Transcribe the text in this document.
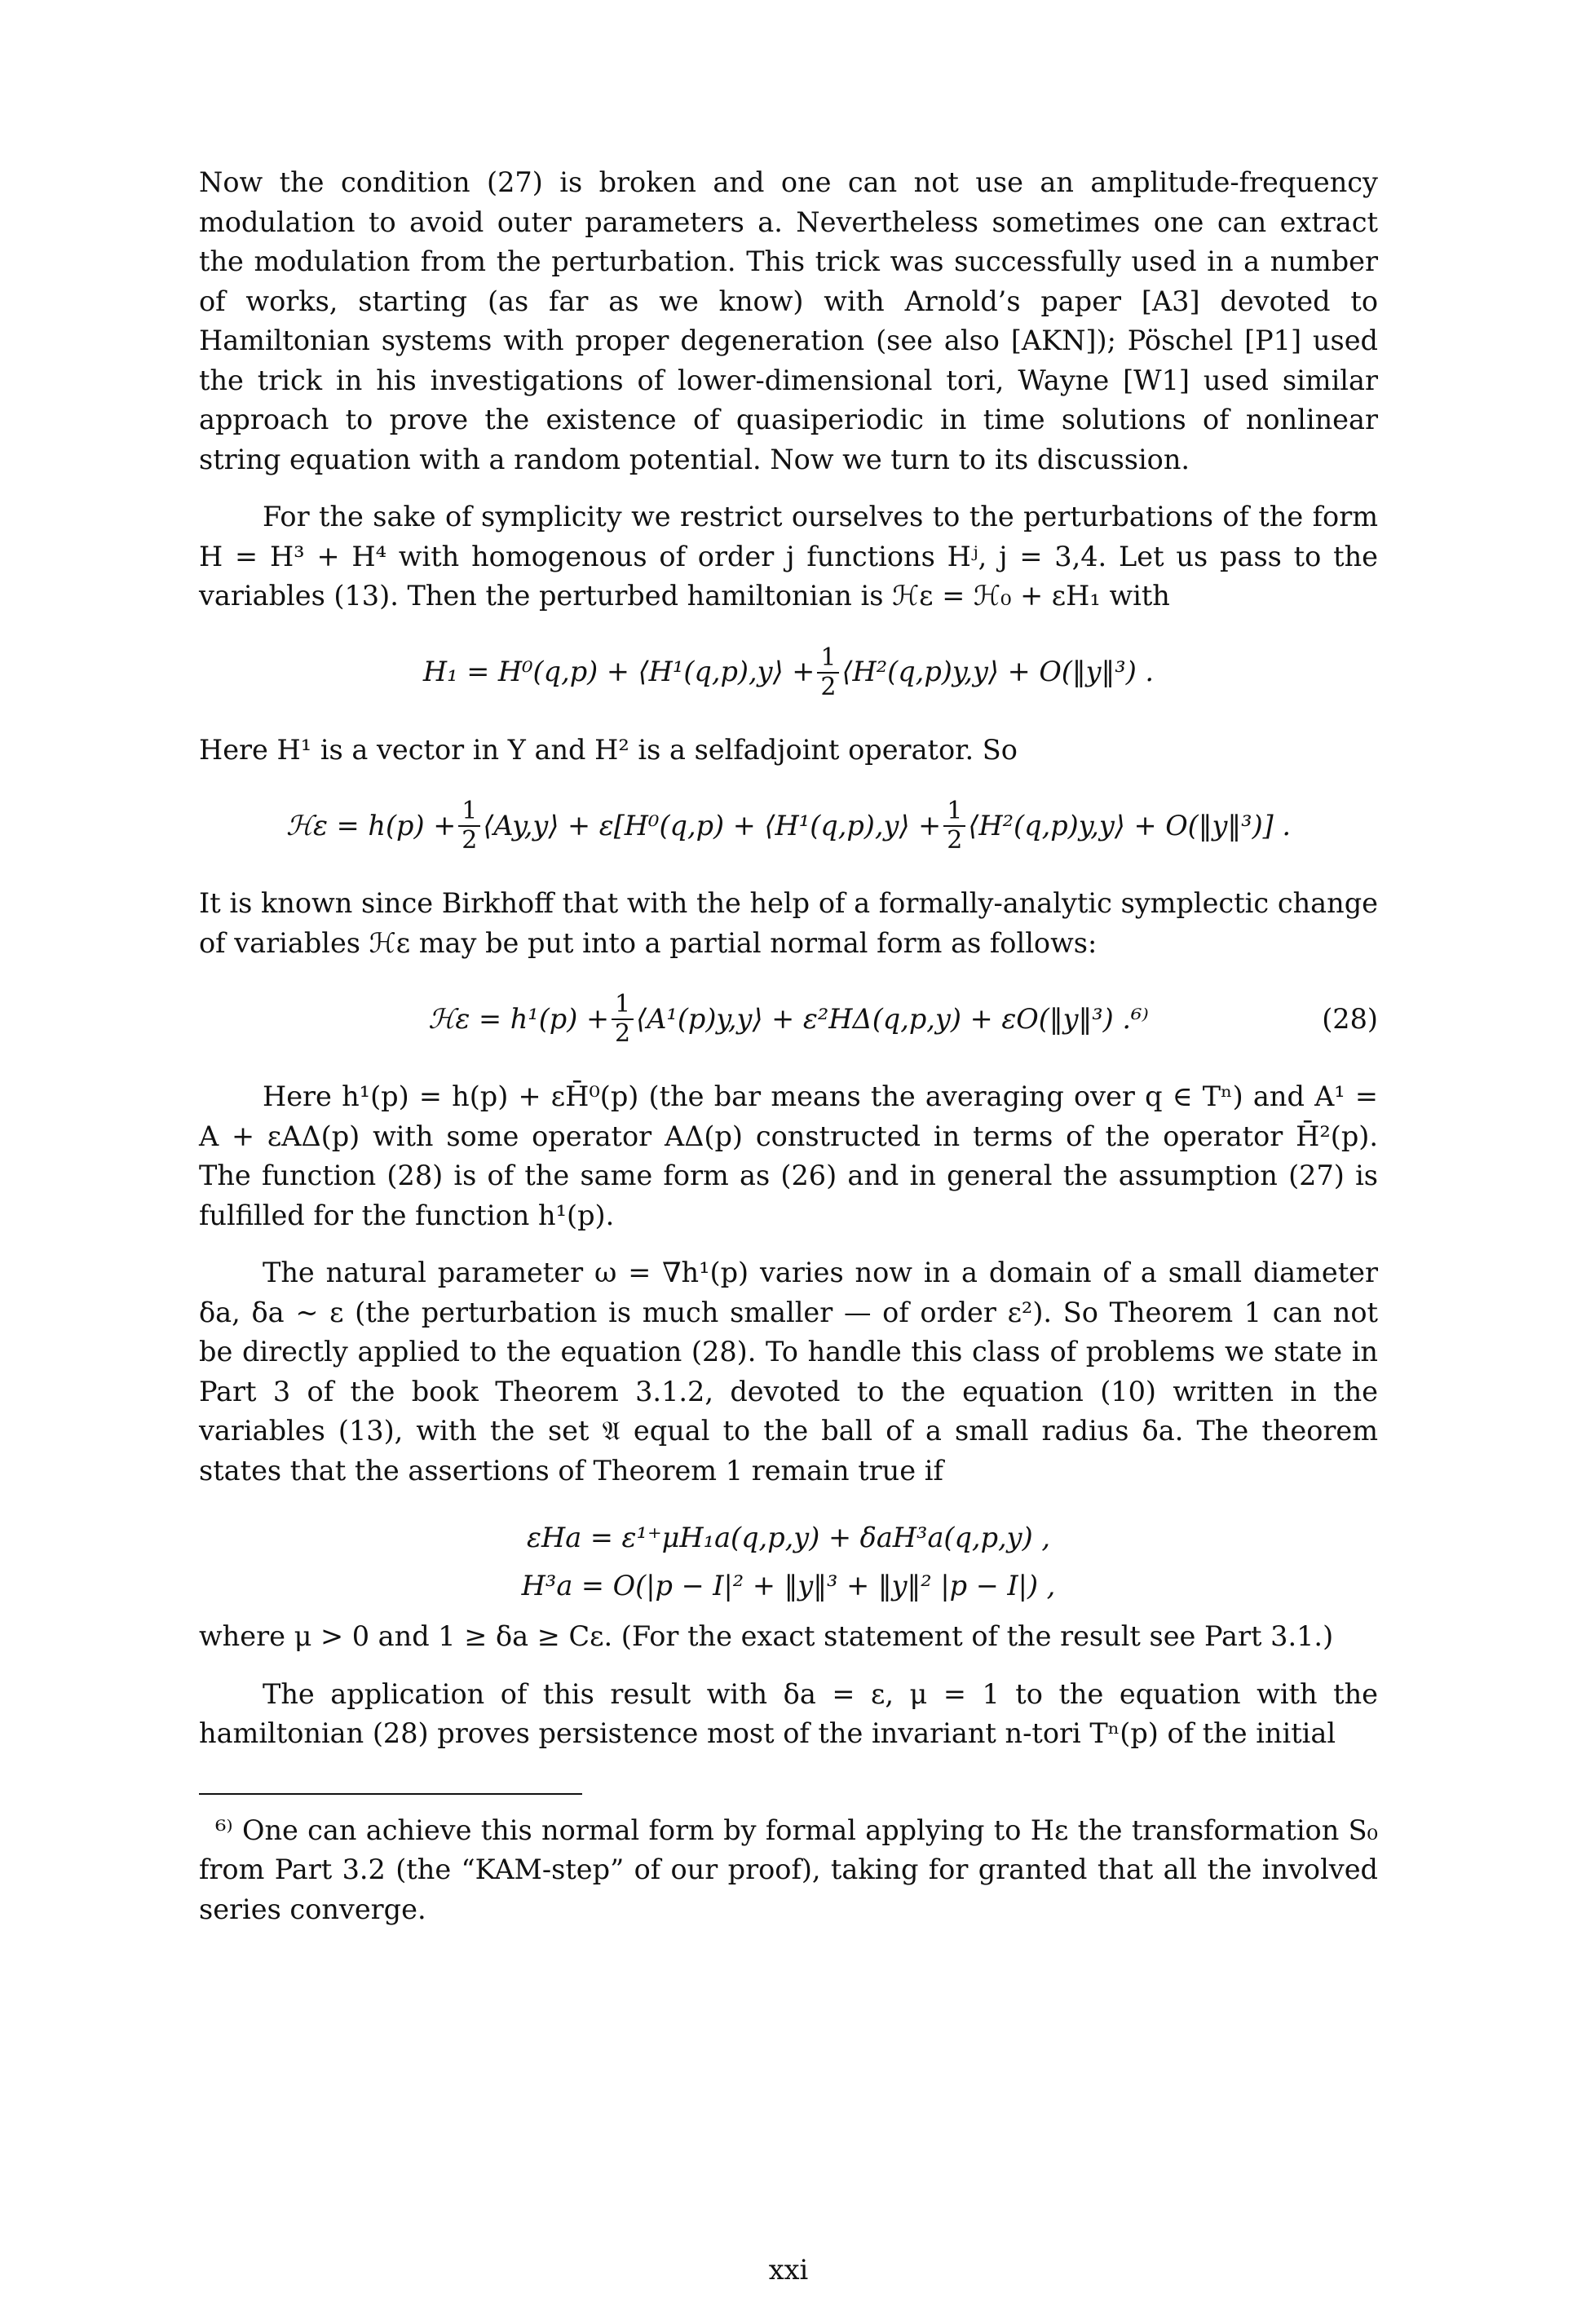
Now the condition (27) is broken and one can not use an amplitude-frequency modulation to avoid outer parameters a. Nevertheless sometimes one can extract the modulation from the perturbation. This trick was successfully used in a number of works, starting (as far as we know) with Arnold’s paper [A3] devoted to Hamiltonian systems with proper degeneration (see also [AKN]); Pöschel [P1] used the trick in his investigations of lower-dimensional tori, Wayne [W1] used similar approach to prove the existence of quasiperiodic in time solutions of nonlinear string equation with a random potential. Now we turn to its discussion.

For the sake of symplicity we restrict ourselves to the perturbations of the form H = H³ + H⁴ with homogenous of order j functions Hʲ, j = 3,4. Let us pass to the variables (13). Then the perturbed hamiltonian is ℋε = ℋ₀ + εH₁ with

H₁ = H⁰(q,p) + ⟨H¹(q,p),y⟩ + $\frac{1}{2}$ ⟨H²(q,p)y,y⟩ + O(‖y‖³) .

Here H¹ is a vector in Y and H² is a selfadjoint operator. So

ℋε = $h(p) + \frac{1}{2}$ ⟨Ay,y⟩ + ε[H⁰(q,p) + ⟨H¹(q,p),y⟩ + $\frac{1}{2}$ ⟨H²(q,p)y,y⟩ + O(‖y‖³)] .

It is known since Birkhoff that with the help of a formally-analytic symplectic change of variables ℋε may be put into a partial normal form as follows:

ℋε = $h^1(p) + \frac{1}{2}$ ⟨A¹(p)y,y⟩ + ε²HΔ(q,p,y) + εO(‖y‖³) .⁶⁾	(28)

Here h¹(p) = h(p) + εH̄⁰(p) (the bar means the averaging over q ∈ Tⁿ) and A¹ = A + εAΔ(p) with some operator AΔ(p) constructed in terms of the operator H̄²(p). The function (28) is of the same form as (26) and in general the assumption (27) is fulfilled for the function h¹(p).

The natural parameter ω = ∇h¹(p) varies now in a domain of a small diameter δa, δa ∼ ε (the perturbation is much smaller — of order ε²). So Theorem 1 can not be directly applied to the equation (28). To handle this class of problems we state in Part 3 of the book Theorem 3.1.2, devoted to the equation (10) written in the variables (13), with the set 𝔄 equal to the ball of a small radius δa. The theorem states that the assertions of Theorem 1 remain true if

εHa = ε¹⁺μH₁a(q,p,y) + δaH³a(q,p,y) ,
H³a = O(|p − I|² + ‖y‖³ + ‖y‖² |p − I|) ,

where μ > 0 and 1 ≥ δa ≥ Cε. (For the exact statement of the result see Part 3.1.)

The application of this result with δa = ε, μ = 1 to the equation with the hamiltonian (28) proves persistence most of the invariant n-tori Tⁿ(p) of the initial

⁶⁾ One can achieve this normal form by formal applying to Hε the transformation S₀ from Part 3.2 (the “KAM-step” of our proof), taking for granted that all the involved series converge.

xxi
